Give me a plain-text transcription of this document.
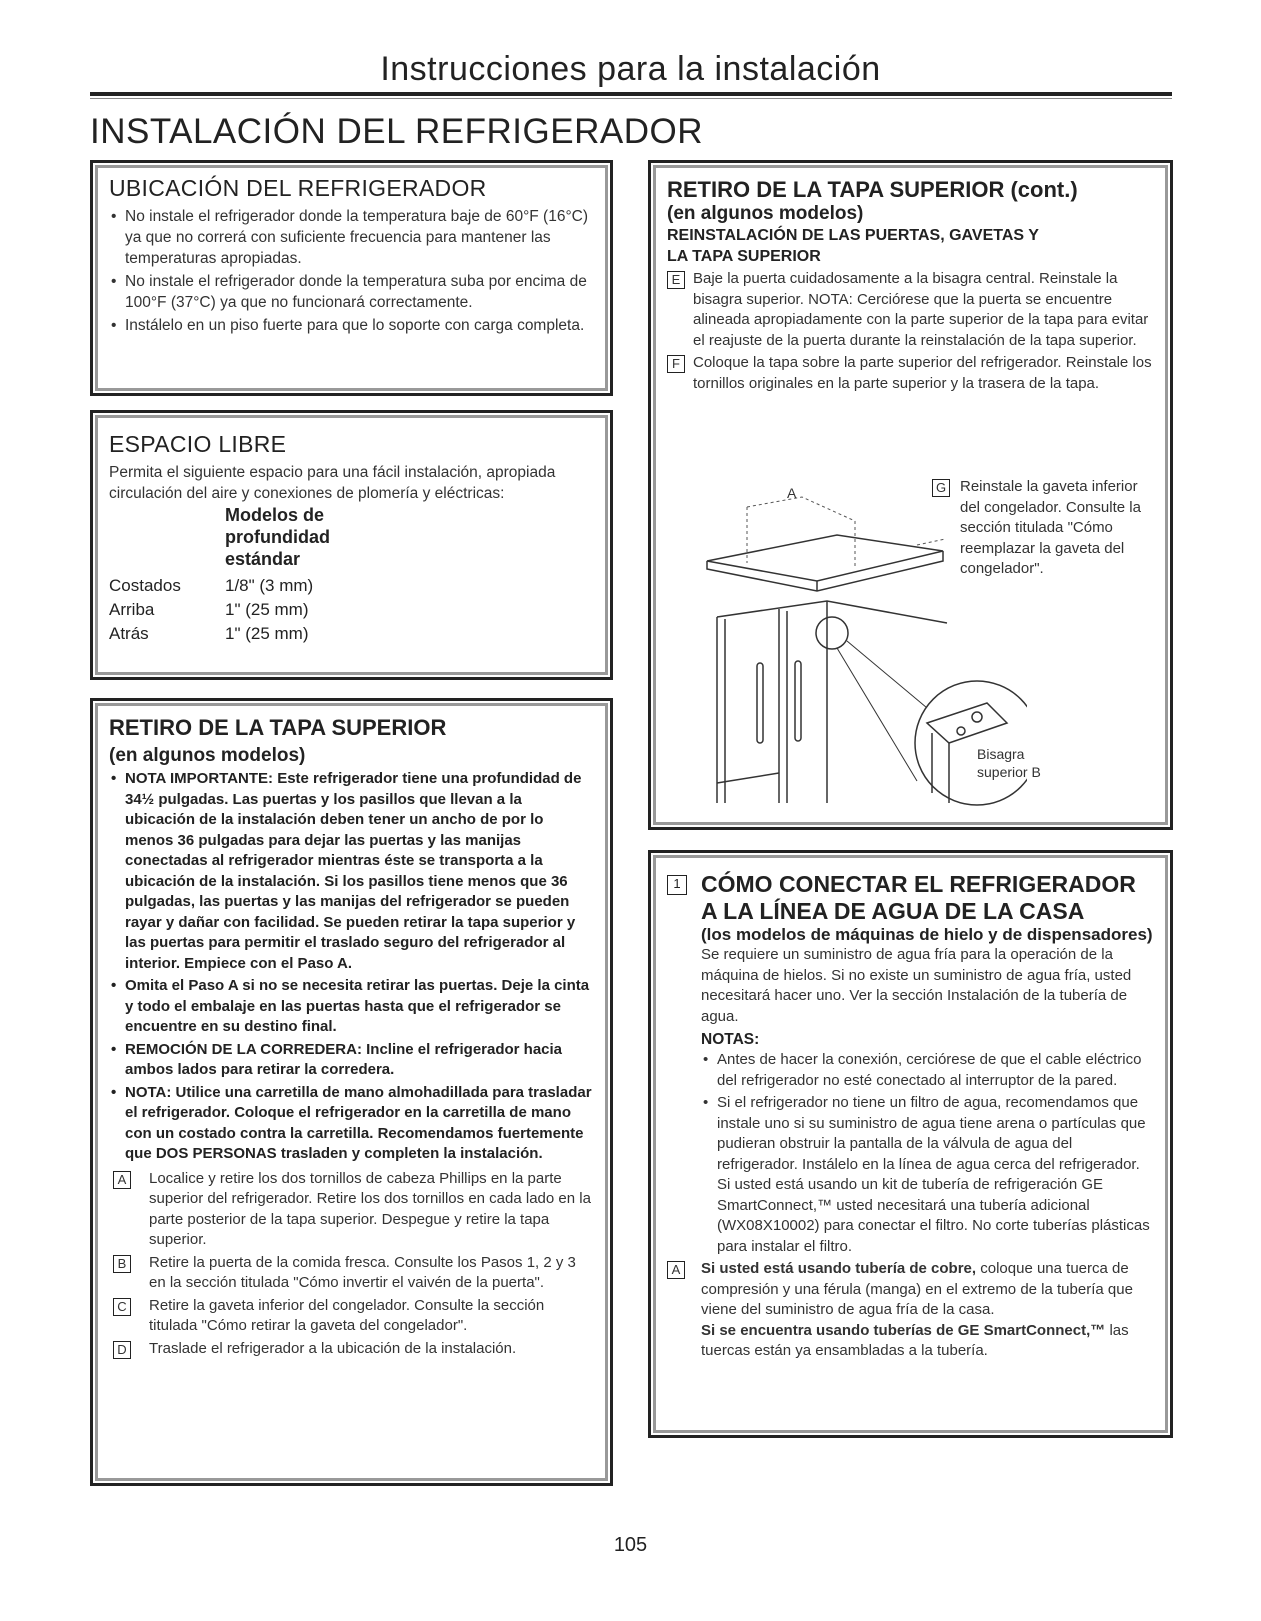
Instrucciones para la instalación
INSTALACIÓN DEL REFRIGERADOR
UBICACIÓN DEL REFRIGERADOR
• No instale el refrigerador donde la temperatura baje de 60°F (16°C) ya que no correrá con suficiente frecuencia para mantener las temperaturas apropiadas.
• No instale el refrigerador donde la temperatura suba por encima de 100°F (37°C) ya que no funcionará correctamente.
• Instálelo en un piso fuerte para que lo soporte con carga completa.
ESPACIO LIBRE
Permita el siguiente espacio para una fácil instalación, apropiada circulación del aire y conexiones de plomería y eléctricas:
Modelos de profundidad estándar
Costados	1/8" (3 mm)
Arriba	1" (25 mm)
Atrás	1" (25 mm)
RETIRO DE LA TAPA SUPERIOR
(en algunos modelos)
• NOTA IMPORTANTE: Este refrigerador tiene una profundidad de 34½ pulgadas. Las puertas y los pasillos que llevan a la ubicación de la instalación deben tener un ancho de por lo menos 36 pulgadas para dejar las puertas y las manijas conectadas al refrigerador mientras éste se transporta a la ubicación de la instalación. Si los pasillos tiene menos que 36 pulgadas, las puertas y las manijas del refrigerador se pueden rayar y dañar con facilidad. Se pueden retirar la tapa superior y las puertas para permitir el traslado seguro del refrigerador al interior. Empiece con el Paso A.
• Omita el Paso A si no se necesita retirar las puertas. Deje la cinta y todo el embalaje en las puertas hasta que el refrigerador se encuentre en su destino final.
• REMOCIÓN DE LA CORREDERA: Incline el refrigerador hacia ambos lados para retirar la corredera.
• NOTA: Utilice una carretilla de mano almohadillada para trasladar el refrigerador. Coloque el refrigerador en la carretilla de mano con un costado contra la carretilla. Recomendamos fuertemente que DOS PERSONAS trasladen y completen la instalación.
A	Localice y retire los dos tornillos de cabeza Phillips en la parte superior del refrigerador. Retire los dos tornillos en cada lado en la parte posterior de la tapa superior. Despegue y retire la tapa superior.
B	Retire la puerta de la comida fresca. Consulte los Pasos 1, 2 y 3 en la sección titulada "Cómo invertir el vaivén de la puerta".
C Retire la gaveta inferior del congelador. Consulte la sección titulada "Cómo retirar la gaveta del congelador".
D Traslade el refrigerador a la ubicación de la instalación.
RETIRO DE LA TAPA SUPERIOR (cont.)
(en algunos modelos)
REINSTALACIÓN DE LAS PUERTAS, GAVETAS Y LA TAPA SUPERIOR
E Baje la puerta cuidadosamente a la bisagra central. Reinstale la bisagra superior. NOTA: Cerciórese que la puerta se encuentre alineada apropiadamente con la parte superior de la tapa para evitar el reajuste de la puerta durante la reinstalación de la tapa superior.
F Coloque la tapa sobre la parte superior del refrigerador. Reinstale los tornillos originales en la parte superior y la trasera de la tapa.
G Reinstale la gaveta inferior del congelador. Consulte la sección titulada "Cómo reemplazar la gaveta del congelador".
A
Bisagra superior B
1 CÓMO CONECTAR EL REFRIGERADOR
A LA LÍNEA DE AGUA DE LA CASA
(los modelos de máquinas de hielo y de dispensadores)
Se requiere un suministro de agua fría para la operación de la máquina de hielos. Si no existe un suministro de agua fría, usted necesitará hacer uno. Ver la sección Instalación de la tubería de agua.
NOTAS:
• Antes de hacer la conexión, cerciórese de que el cable eléctrico del refrigerador no esté conectado al interruptor de la pared.
• Si el refrigerador no tiene un filtro de agua, recomendamos que instale uno si su suministro de agua tiene arena o partículas que pudieran obstruir la pantalla de la válvula de agua del refrigerador. Instálelo en la línea de agua cerca del refrigerador. Si usted está usando un kit de tubería de refrigeración GE SmartConnect,™ usted necesitará una tubería adicional (WX08X10002) para conectar el filtro. No corte tuberías plásticas para instalar el filtro.
A	Si usted está usando tubería de cobre, coloque una tuerca de compresión y una férula (manga) en el extremo de la tubería que viene del suministro de agua fría de la casa.
Si se encuentra usando tuberías de GE SmartConnect,™ las tuercas están ya ensambladas a la tubería.
105
